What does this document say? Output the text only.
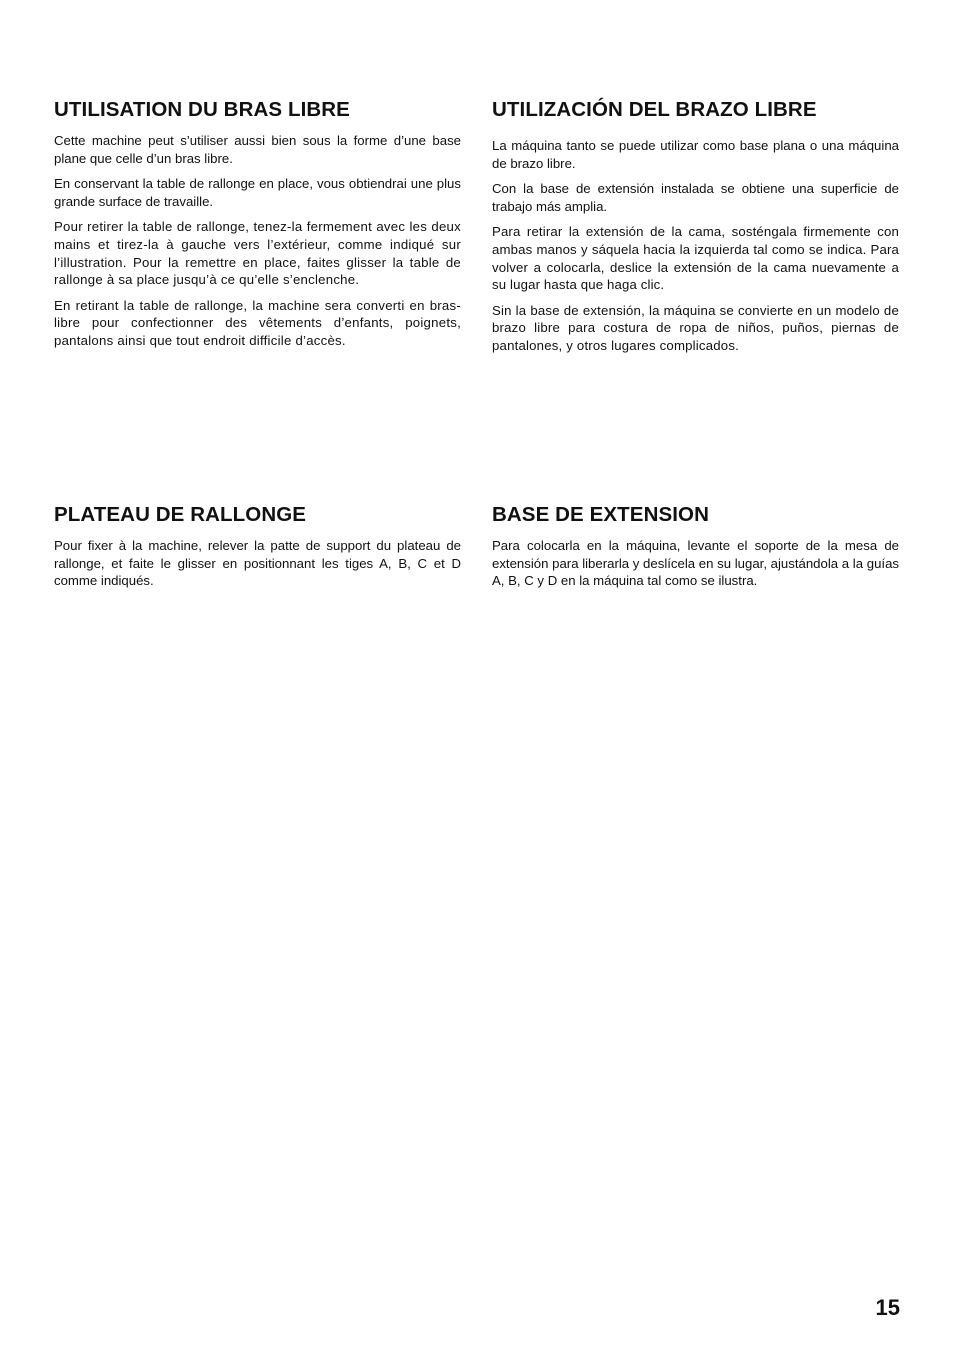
UTILISATION DU BRAS LIBRE

Cette machine peut s’utiliser aussi bien sous la forme d’une base plane que celle d’un bras libre.

En conservant la table de rallonge en place, vous obtiendrai une plus grande surface de travaille.

Pour retirer la table de rallonge, tenez-la fermement avec les deux mains et tirez-la à gauche vers l’extérieur, comme indiqué sur l’illustration. Pour la remettre en place, faites glisser la table de rallonge à sa place jusqu’à ce qu’elle s’enclenche.

En retirant la table de rallonge, la machine sera converti en bras-libre pour confectionner des vêtements d’enfants, poignets, pantalons ainsi que tout endroit difficile d’accès.

UTILIZACIÓN DEL BRAZO LIBRE

La máquina tanto se puede utilizar como base plana o una máquina de brazo libre.

Con la base de extensión instalada se obtiene una superficie de trabajo más amplia.

Para retirar la extensión de la cama, sosténgala firmemente con ambas manos y sáquela hacia la izquierda tal como se indica. Para volver a colocarla, deslice la extensión de la cama nuevamente a su lugar hasta que haga clic.

Sin la base de extensión, la máquina se convierte en un modelo de brazo libre para costura de ropa de niños, puños, piernas de pantalones, y otros lugares complicados.

PLATEAU DE RALLONGE

Pour fixer à la machine, relever la patte de support du plateau de rallonge, et faite le glisser en positionnant les tiges A, B, C et D comme indiqués.

BASE DE EXTENSION

Para colocarla en la máquina, levante el soporte de la mesa de extensión para liberarla y deslícela en su lugar, ajustándola a la guías A, B, C y D en la máquina tal como se ilustra.

15
